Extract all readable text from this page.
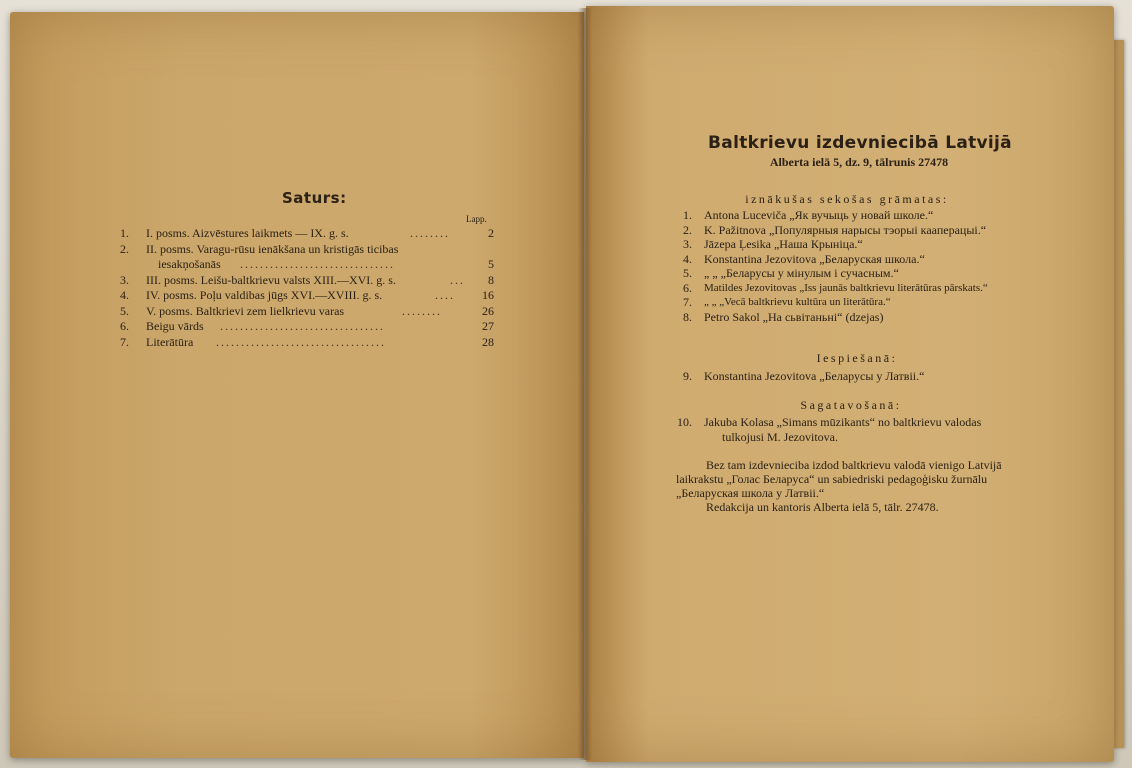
Saturs:
Lapp.
1.	I. posms. Aizvēstures laikmets — IX. g. s.	........	2
2.	II. posms. Varagu-rūsu ienākšana un kristigās ticibas
iesakņošanās ...............................	5
3.	III. posms. Leišu-baltkrievu valsts XIII.—XVI. g. s.	...	8
4.	IV. posms. Poļu valdibas jūgs XVI.—XVIII. g. s.	....	16
5.	V. posms. Baltkrievi zem lielkrievu varas	........	26
6.	Beigu vārds .................................	27
7.	Literātūra ..................................	28
Baltkrievu izdevniecibā Latvijā
Alberta ielā 5, dz. 9, tālrunis 27478
iznākušas sekošas grāmatas:
1. Antona Lucevičа „Як вучыць у новай школе.“
2. K. Pažitnova „Популярныя нарысы тэорыі кааперацыі.“
3. Jāzepa Ļesika „Наша Крыніца.“
4. Konstantina Jezovitova „Беларуская школа.“
5. „ „ „Беларусы у мінулым і сучасным.“
6. Matildes Jezovitovas „Iss jaunās baltkrievu literātūras pārskats.“
7. „ „ „Vecā baltkrievu kultūra un literātūra.“
8. Petro Sakol „На сьвітаньні“ (dzejas)
Iespiešanā:
9. Konstantina Jezovitova „Беларусы у Латвіі.“
Sagatavošanā:
10. Jakuba Kolasa „Simans mūzikants“ no baltkrievu valodas
tulkojusi M. Jezovitova.
Bez tam izdevnieciba izdod baltkrievu valodā vienigo Latvijā
laikrakstu „Голас Беларуса“ un sabiedriski pedagoģisku žurnālu
„Беларуская школа у Латвіі.“
Redakcija un kantoris Alberta ielā 5, tālr. 27478.
